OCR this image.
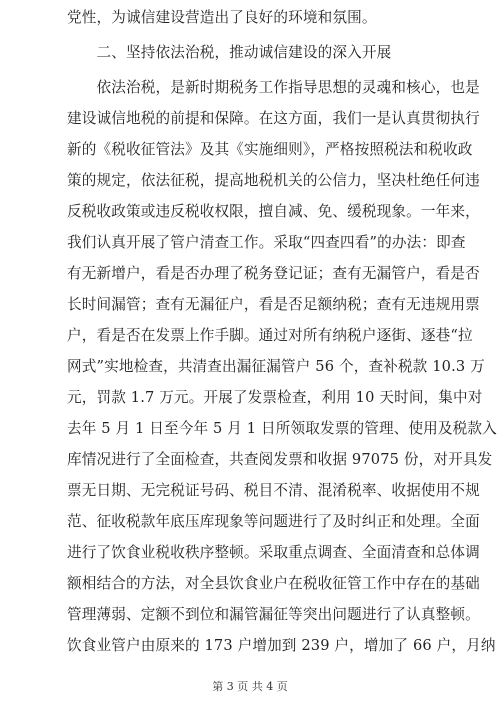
党性，为诚信建设营造出了良好的环境和氛围。
　　二、坚持依法治税，推动诚信建设的深入开展
　　依法治税，是新时期税务工作指导思想的灵魂和核心，也是
建设诚信地税的前提和保障。在这方面，我们一是认真贯彻执行
新的《税收征管法》及其《实施细则》，严格按照税法和税收政
策的规定，依法征税，提高地税机关的公信力，坚决杜绝任何违
反税收政策或违反税收权限，擅自减、免、缓税现象。一年来，
我们认真开展了管户清查工作。采取“四查四看”的办法：即查
有无新增户，看是否办理了税务登记证；查有无漏管户，看是否
长时间漏管；查有无漏征户，看是否足额纳税；查有无违规用票
户，看是否在发票上作手脚。通过对所有纳税户逐街、逐巷“拉
网式”实地检查，共清查出漏征漏管户 56 个，查补税款 10.3 万
元，罚款 1.7 万元。开展了发票检查，利用 10 天时间，集中对
去年 5 月 1 日至今年 5 月 1 日所领取发票的管理、使用及税款入
库情况进行了全面检查，共查阅发票和收据 97075 份，对开具发
票无日期、无完税证号码、税目不清、混淆税率、收据使用不规
范、征收税款年底压库现象等问题进行了及时纠正和处理。全面
进行了饮食业税收秩序整顿。采取重点调查、全面清查和总体调
额相结合的方法，对全县饮食业户在税收征管工作中存在的基础
管理薄弱、定额不到位和漏管漏征等突出问题进行了认真整顿。
饮食业管户由原来的 173 户增加到 239 户，增加了 66 户，月纳
第 3 页 共 4 页
